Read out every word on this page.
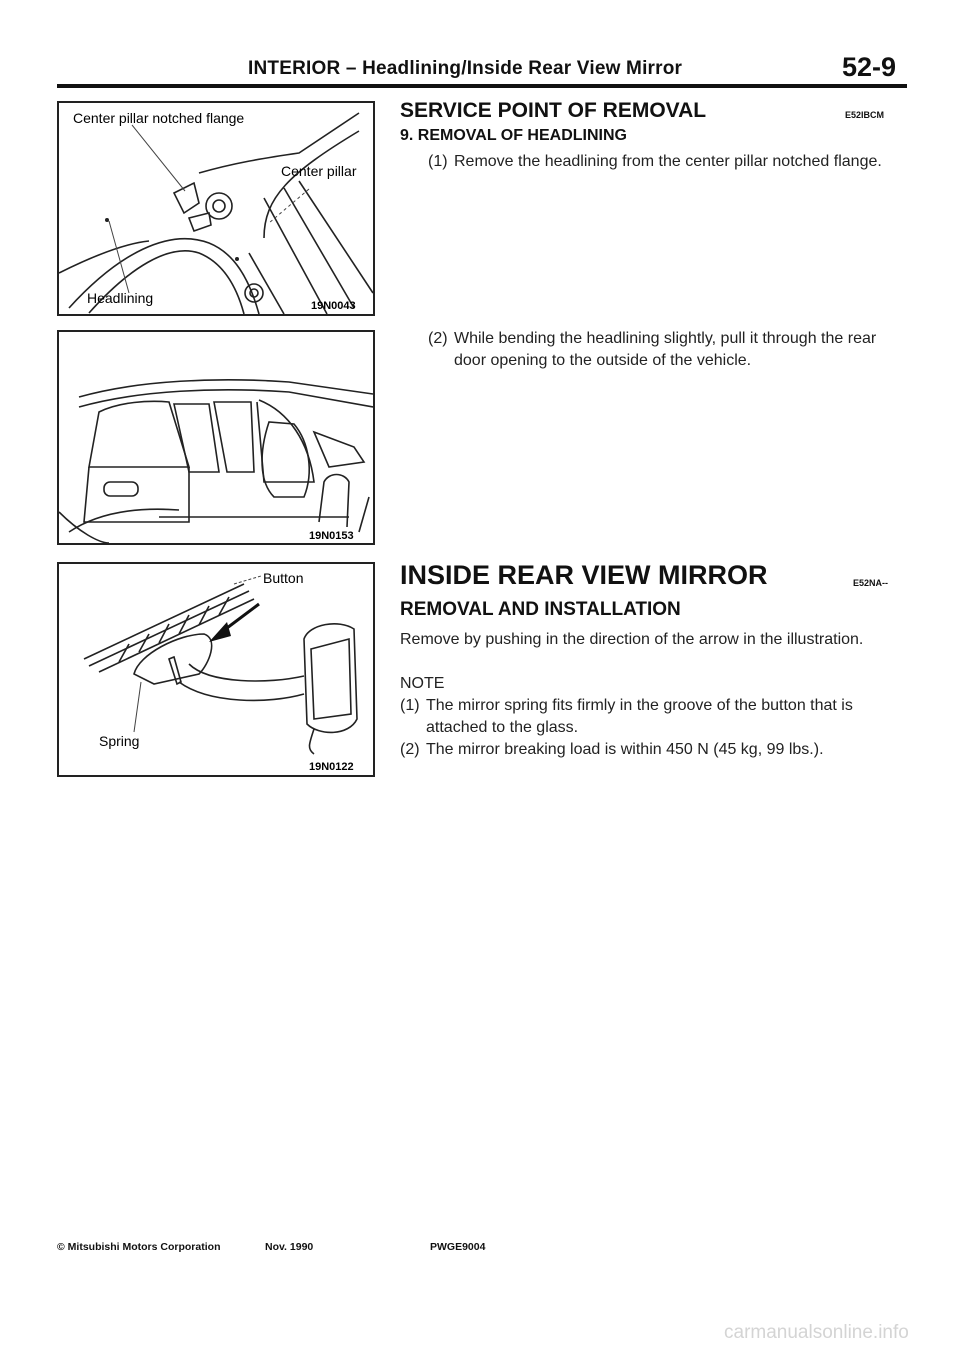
INTERIOR – Headlining/Inside Rear View Mirror	52-9
Center pillar notched flange
Center pillar
Headlining	19N0043
19N0153
Button
Spring
19N0122
SERVICE POINT OF REMOVAL	E52IBCM
9. REMOVAL OF HEADLINING
(1) Remove the headlining from the center pillar notched flange.
(2) While bending the headlining slightly, pull it through the rear door opening to the outside of the vehicle.
INSIDE REAR VIEW MIRROR	E52NA--
REMOVAL AND INSTALLATION
Remove by pushing in the direction of the arrow in the illustration.
NOTE
(1) The mirror spring fits firmly in the groove of the button that is attached to the glass.
(2) The mirror breaking load is within 450 N (45 kg, 99 lbs.).
© Mitsubishi Motors Corporation	Nov. 1990	PWGE9004
carmanualsonline.info
